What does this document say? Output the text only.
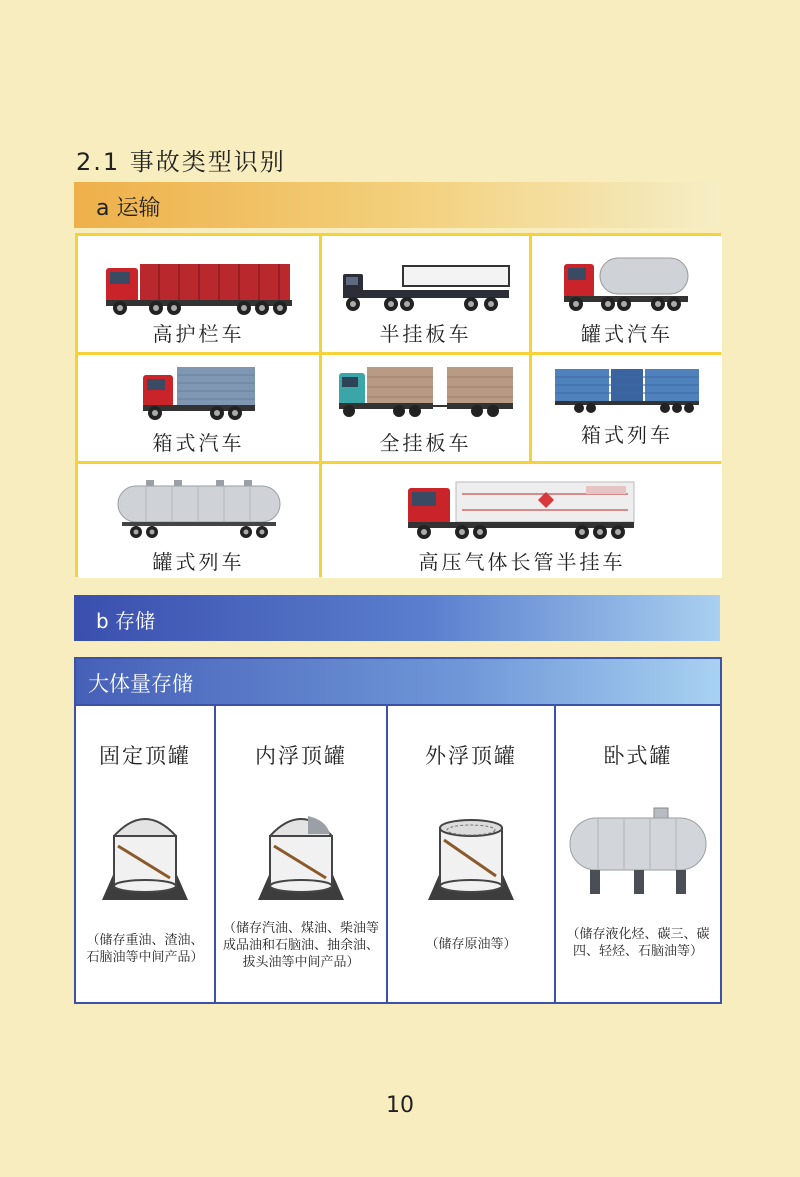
2.1 事故类型识别
a 运输
高护栏车	半挂板车	罐式汽车
箱式汽车	全挂板车	箱式列车
罐式列车	高压气体长管半挂车
b 存储
大体量存储
固定顶罐
（储存重油、渣油、石脑油等中间产品）
内浮顶罐
（储存汽油、煤油、柴油等成品油和石脑油、抽余油、拔头油等中间产品）
外浮顶罐
（储存原油等）
卧式罐
（储存液化烃、碳三、碳四、轻烃、石脑油等）
10
